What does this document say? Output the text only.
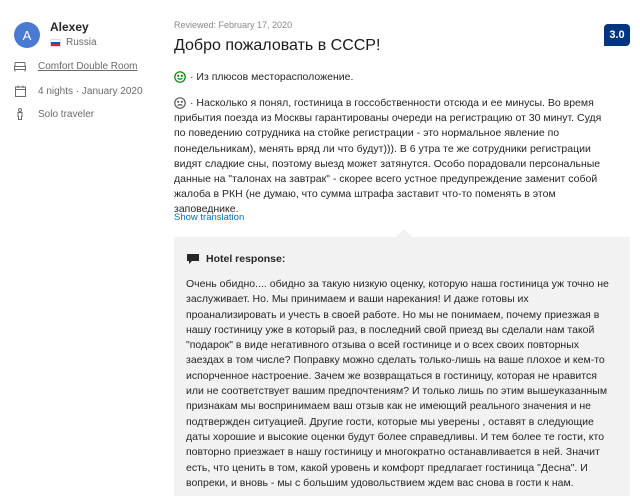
A
Alexey
Russia
Comfort Double Room
4 nights · January 2020
Solo traveler
Reviewed: February 17, 2020
Добро пожаловать в СССР!
3.0
· Из плюсов месторасположение.
· Насколько я понял, гостиница в госсобственности отсюда и ее минусы. Во время прибытия поезда из Москвы гарантированы очереди на регистрацию от 30 минут. Судя по поведению сотрудника на стойке регистрации - это нормальное явление по понедельникам), менять вряд ли что будут))). В 6 утра те же сотрудники регистрации видят сладкие сны, поэтому выезд может затянутся. Особо порадовали персональные данные на "талонах на завтрак" - скорее всего устное предупреждение заменит собой жалоба в РКН (не думаю, что сумма штрафа заставит что-то поменять в этом заповеднике.
Show translation
Hotel response:
Очень обидно.... обидно за такую низкую оценку, которую наша гостиница уж точно не заслуживает. Но. Мы принимаем и ваши нарекания! И даже готовы их проанализировать и учесть в своей работе. Но мы не понимаем, почему приезжая в нашу гостиницу уже в который раз, в последний свой приезд вы сделали нам такой "подарок" в виде негативного отзыва о всей гостинице и о всех своих повторных заездах в том числе? Поправку можно сделать только-лишь на ваше плохое и кем-то испорченное настроение. Зачем же возвращаться в гостиницу, которая не нравится или не соответствует вашим предпочтениям? И только лишь по этим вышеуказанным признакам мы воспринимаем ваш отзыв как не имеющий реального значения и не подтвержден ситуацией. Другие гости, которые мы уверены , оставят в следующие даты хорошие и высокие оценки будут более справедливы. И тем более те гости, кто повторно приезжает в нашу гостиницу и многократно останавливается в ней. Значит есть, что ценить в том, какой уровень и комфорт предлагает гостиница "Десна". И вопреки, и вновь - мы с большим удовольствием ждем вас снова в гости к нам.
